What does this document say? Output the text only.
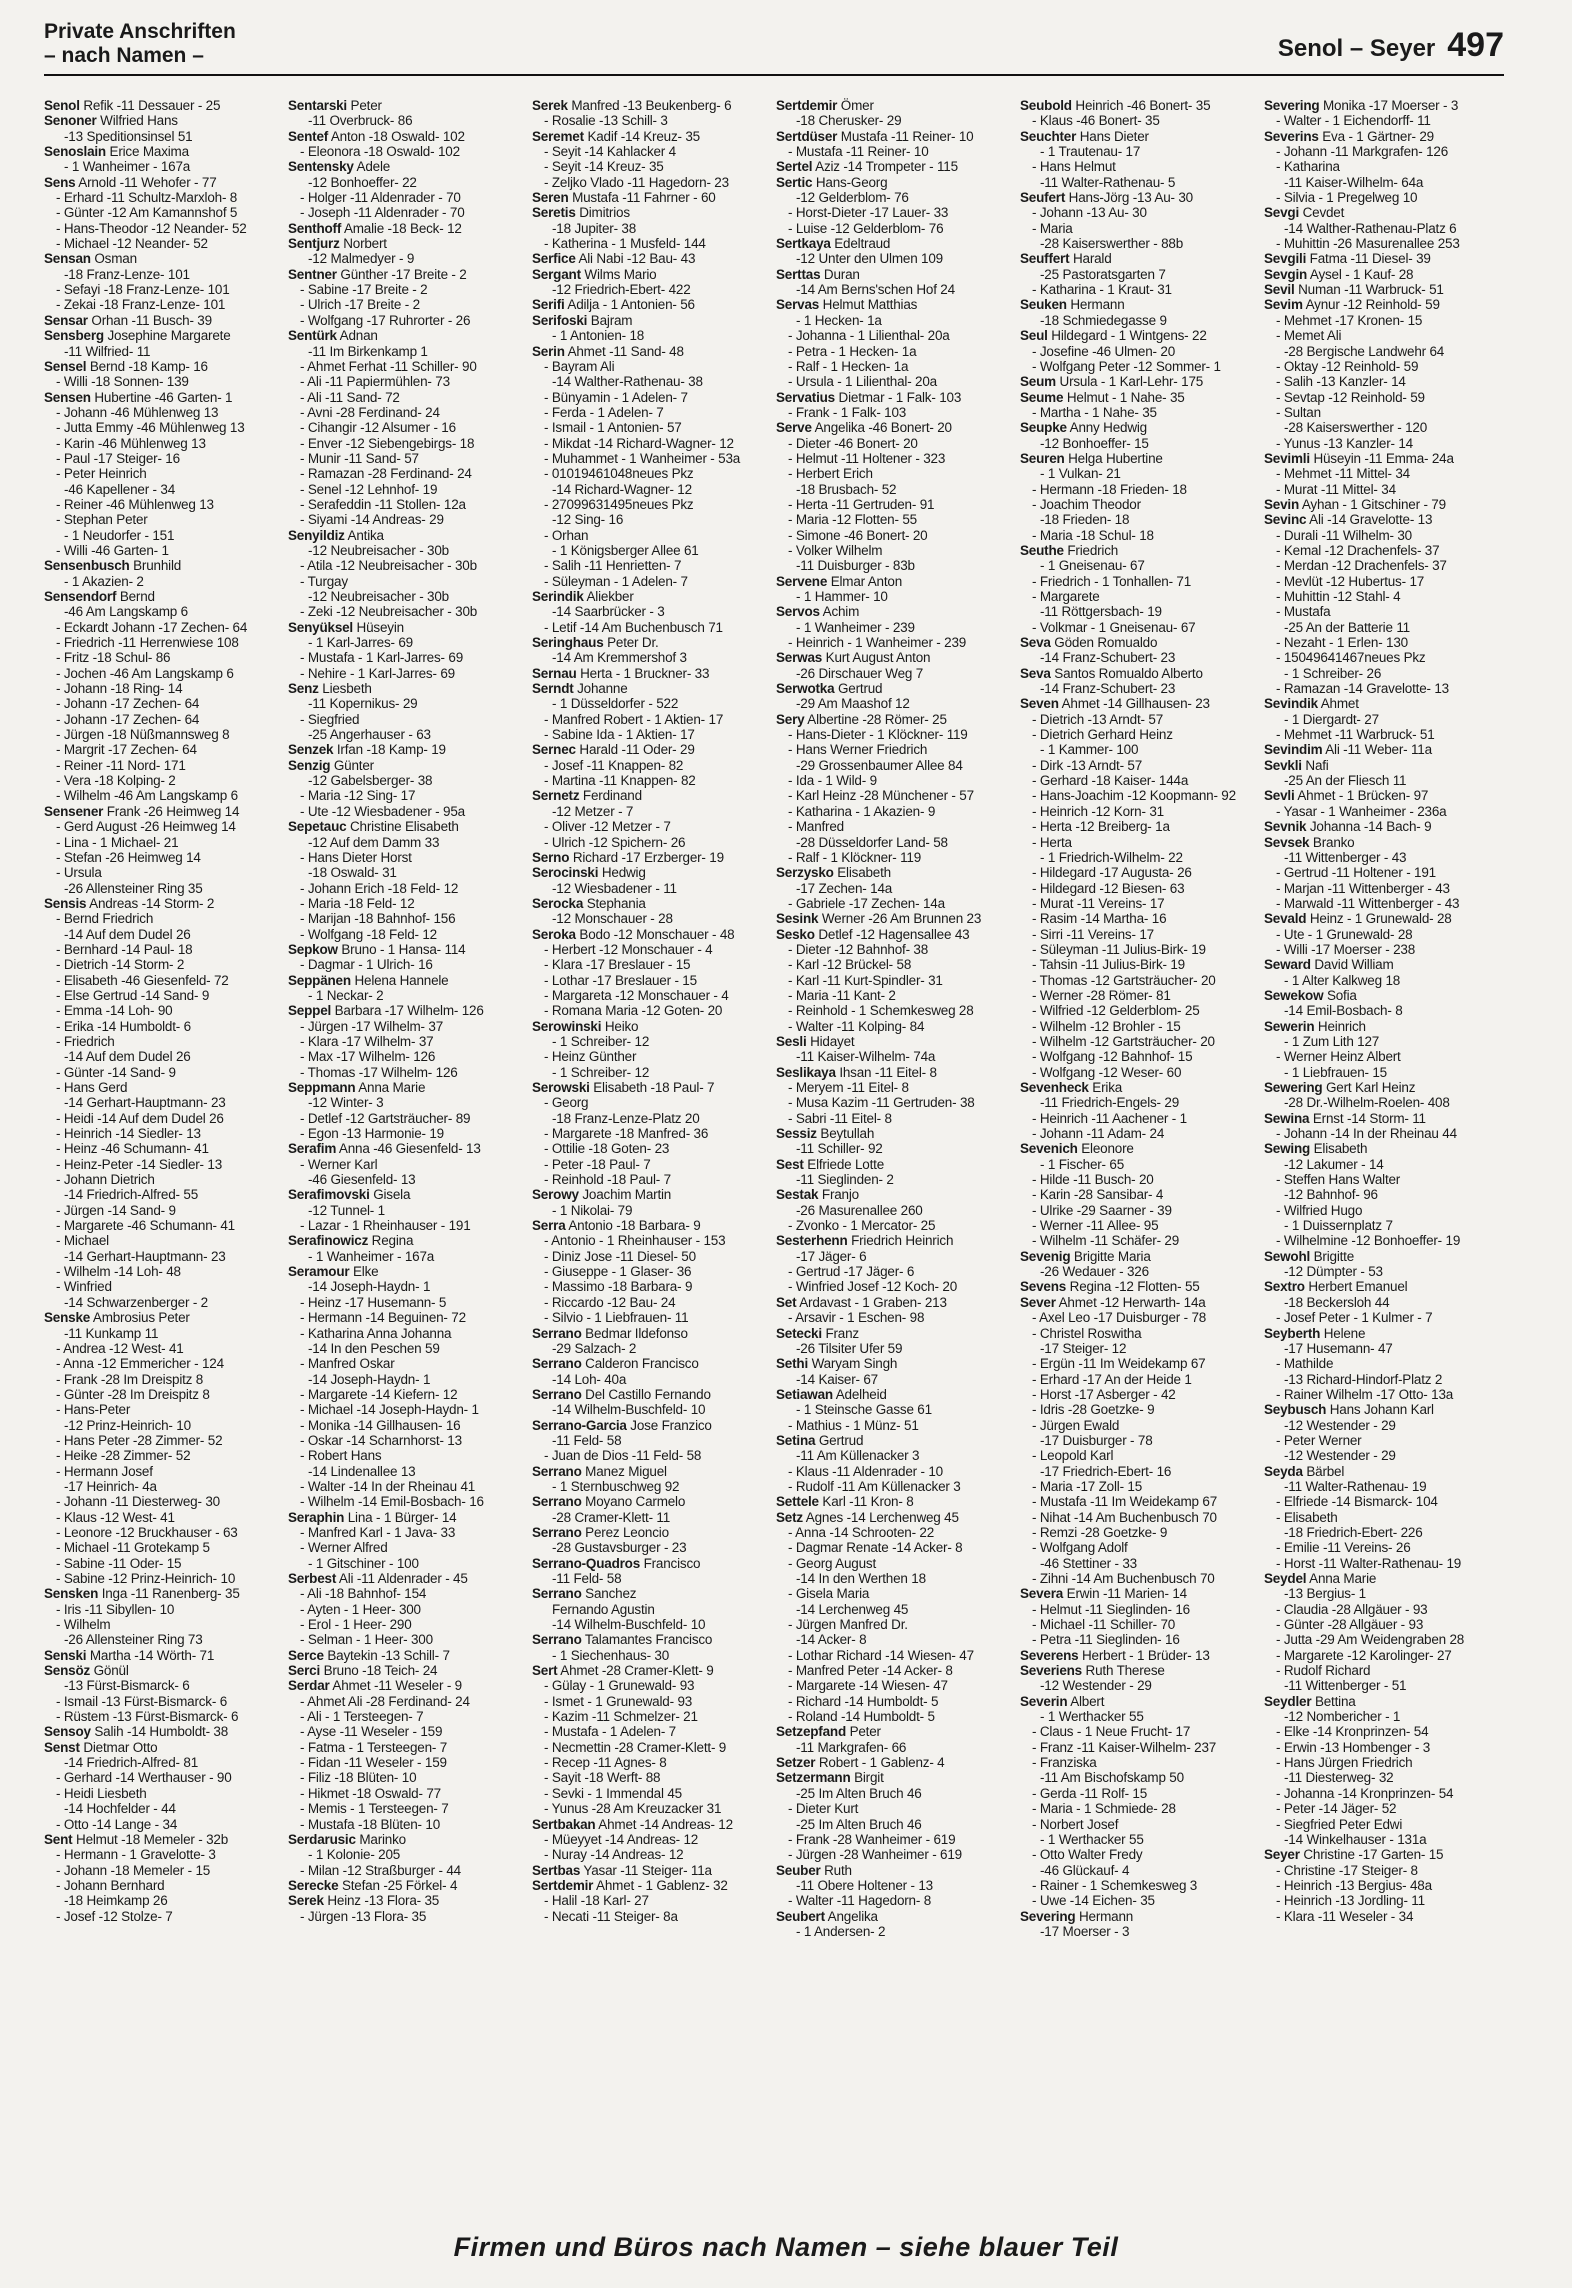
Private Anschriften
– nach Namen –	Senol – Seyer 497
Senol Refik -11 Dessauer - 25
Senoner Wilfried Hans
-13 Speditionsinsel 51
Senoslain Erice Maxima
- 1 Wanheimer - 167a
Sens Arnold -11 Wehofer - 77
- Erhard -11 Schultz-Marxloh- 8
- Günter -12 Am Kamannshof 5
- Hans-Theodor -12 Neander- 52
- Michael -12 Neander- 52
Sensan Osman
-18 Franz-Lenze- 101
- Sefayi -18 Franz-Lenze- 101
- Zekai -18 Franz-Lenze- 101
Sensar Orhan -11 Busch- 39
Sensberg Josephine Margarete
-11 Wilfried- 11
Sensel Bernd -18 Kamp- 16
- Willi -18 Sonnen- 139
Sensen Hubertine -46 Garten- 1
- Johann -46 Mühlenweg 13
- Jutta Emmy -46 Mühlenweg 13
- Karin -46 Mühlenweg 13
- Paul -17 Steiger- 16
- Peter Heinrich
-46 Kapellener - 34
- Reiner -46 Mühlenweg 13
- Stephan Peter
- 1 Neudorfer - 151
- Willi -46 Garten- 1
Sensenbusch Brunhild
- 1 Akazien- 2
Sensendorf Bernd
-46 Am Langskamp 6
- Eckardt Johann -17 Zechen- 64
- Friedrich -11 Herrenwiese 108
- Fritz -18 Schul- 86
- Jochen -46 Am Langskamp 6
- Johann -18 Ring- 14
- Johann -17 Zechen- 64
- Johann -17 Zechen- 64
- Jürgen -18 Nüßmannsweg 8
- Margrit -17 Zechen- 64
- Reiner -11 Nord- 171
- Vera -18 Kolping- 2
- Wilhelm -46 Am Langskamp 6
Sensener Frank -26 Heimweg 14
- Gerd August -26 Heimweg 14
- Lina - 1 Michael- 21
- Stefan -26 Heimweg 14
- Ursula
-26 Allensteiner Ring 35
Sensis Andreas -14 Storm- 2
- Bernd Friedrich
-14 Auf dem Dudel 26
- Bernhard -14 Paul- 18
- Dietrich -14 Storm- 2
- Elisabeth -46 Giesenfeld- 72
- Else Gertrud -14 Sand- 9
- Emma -14 Loh- 90
- Erika -14 Humboldt- 6
- Friedrich
-14 Auf dem Dudel 26
- Günter -14 Sand- 9
- Hans Gerd
-14 Gerhart-Hauptmann- 23
- Heidi -14 Auf dem Dudel 26
- Heinrich -14 Siedler- 13
- Heinz -46 Schumann- 41
- Heinz-Peter -14 Siedler- 13
- Johann Dietrich
-14 Friedrich-Alfred- 55
- Jürgen -14 Sand- 9
- Margarete -46 Schumann- 41
- Michael
-14 Gerhart-Hauptmann- 23
- Wilhelm -14 Loh- 48
- Winfried
-14 Schwarzenberger - 2
Senske Ambrosius Peter
-11 Kunkamp 11
- Andrea -12 West- 41
- Anna -12 Emmericher - 124
- Frank -28 Im Dreispitz 8
- Günter -28 Im Dreispitz 8
- Hans-Peter
-12 Prinz-Heinrich- 10
- Hans Peter -28 Zimmer- 52
- Heike -28 Zimmer- 52
- Hermann Josef
-17 Heinrich- 4a
- Johann -11 Diesterweg- 30
- Klaus -12 West- 41
- Leonore -12 Bruckhauser - 63
- Michael -11 Grotekamp 5
- Sabine -11 Oder- 15
- Sabine -12 Prinz-Heinrich- 10
Sensken Inga -11 Ranenberg- 35
- Iris -11 Sibyllen- 10
- Wilhelm
-26 Allensteiner Ring 73
Senski Martha -14 Wörth- 71
Sensöz Gönül
-13 Fürst-Bismarck- 6
- Ismail -13 Fürst-Bismarck- 6
- Rüstem -13 Fürst-Bismarck- 6
Sensoy Salih -14 Humboldt- 38
Senst Dietmar Otto
-14 Friedrich-Alfred- 81
- Gerhard -14 Werthauser - 90
- Heidi Liesbeth
-14 Hochfelder - 44
- Otto -14 Lange - 34
Sent Helmut -18 Memeler - 32b
- Hermann - 1 Gravelotte- 3
- Johann -18 Memeler - 15
- Johann Bernhard
-18 Heimkamp 26
- Josef -12 Stolze- 7
Sentarski Peter
-11 Overbruck- 86
Sentef Anton -18 Oswald- 102
- Eleonora -18 Oswald- 102
Sentensky Adele
-12 Bonhoeffer- 22
- Holger -11 Aldenrader - 70
- Joseph -11 Aldenrader - 70
Senthoff Amalie -18 Beck- 12
Sentjurz Norbert
-12 Malmedyer - 9
Sentner Günther -17 Breite - 2
- Sabine -17 Breite - 2
- Ulrich -17 Breite - 2
- Wolfgang -17 Ruhrorter - 26
Sentürk Adnan
-11 Im Birkenkamp 1
- Ahmet Ferhat -11 Schiller- 90
- Ali -11 Papiermühlen- 73
- Ali -11 Sand- 72
- Avni -28 Ferdinand- 24
- Cihangir -12 Alsumer - 16
- Enver -12 Siebengebirgs- 18
- Munir -11 Sand- 57
- Ramazan -28 Ferdinand- 24
- Senel -12 Lehnhof- 19
- Serafeddin -11 Stollen- 12a
- Siyami -14 Andreas- 29
Senyildiz Antika
-12 Neubreisacher - 30b
- Atila -12 Neubreisacher - 30b
- Turgay
-12 Neubreisacher - 30b
- Zeki -12 Neubreisacher - 30b
Senyüksel Hüseyin
- 1 Karl-Jarres- 69
- Mustafa - 1 Karl-Jarres- 69
- Nehire - 1 Karl-Jarres- 69
Senz Liesbeth
-11 Kopernikus- 29
- Siegfried
-25 Angerhauser - 63
Senzek Irfan -18 Kamp- 19
Senzig Günter
-12 Gabelsberger- 38
- Maria -12 Sing- 17
- Ute -12 Wiesbadener - 95a
Sepetauc Christine Elisabeth
-12 Auf dem Damm 33
- Hans Dieter Horst
-18 Oswald- 31
- Johann Erich -18 Feld- 12
- Maria -18 Feld- 12
- Marijan -18 Bahnhof- 156
- Wolfgang -18 Feld- 12
Sepkow Bruno - 1 Hansa- 114
- Dagmar - 1 Ulrich- 16
Seppänen Helena Hannele
- 1 Neckar- 2
Seppel Barbara -17 Wilhelm- 126
- Jürgen -17 Wilhelm- 37
- Klara -17 Wilhelm- 37
- Max -17 Wilhelm- 126
- Thomas -17 Wilhelm- 126
Seppmann Anna Marie
-12 Winter- 3
- Detlef -12 Gartsträucher- 89
- Egon -13 Harmonie- 19
Serafim Anna -46 Giesenfeld- 13
- Werner Karl
-46 Giesenfeld- 13
Serafimovski Gisela
-12 Tunnel- 1
- Lazar - 1 Rheinhauser - 191
Serafinowicz Regina
- 1 Wanheimer - 167a
Seramour Elke
-14 Joseph-Haydn- 1
- Heinz -17 Husemann- 5
- Hermann -14 Beguinen- 72
- Katharina Anna Johanna
-14 In den Peschen 59
- Manfred Oskar
-14 Joseph-Haydn- 1
- Margarete -14 Kiefern- 12
- Michael -14 Joseph-Haydn- 1
- Monika -14 Gillhausen- 16
- Oskar -14 Scharnhorst- 13
- Robert Hans
-14 Lindenallee 13
- Walter -14 In der Rheinau 41
- Wilhelm -14 Emil-Bosbach- 16
Seraphin Lina - 1 Bürger- 14
- Manfred Karl - 1 Java- 33
- Werner Alfred
- 1 Gitschiner - 100
Serbest Ali -11 Aldenrader - 45
- Ali -18 Bahnhof- 154
- Ayten - 1 Heer- 300
- Erol - 1 Heer- 290
- Selman - 1 Heer- 300
Serce Baytekin -13 Schill- 7
Serci Bruno -18 Teich- 24
Serdar Ahmet -11 Weseler - 9
- Ahmet Ali -28 Ferdinand- 24
- Ali - 1 Tersteegen- 7
- Ayse -11 Weseler - 159
- Fatma - 1 Tersteegen- 7
- Fidan -11 Weseler - 159
- Filiz -18 Blüten- 10
- Hikmet -18 Oswald- 77
- Memis - 1 Tersteegen- 7
- Mustafa -18 Blüten- 10
Serdarusic Marinko
- 1 Kolonie- 205
- Milan -12 Straßburger - 44
Serecke Stefan -25 Förkel- 4
Serek Heinz -13 Flora- 35
- Jürgen -13 Flora- 35
Serek Manfred -13 Beukenberg- 6
- Rosalie -13 Schill- 3
Seremet Kadif -14 Kreuz- 35
- Seyit -14 Kahlacker 4
- Seyit -14 Kreuz- 35
- Zeljko Vlado -11 Hagedorn- 23
Seren Mustafa -11 Fahrner - 60
Seretis Dimitrios
-18 Jupiter- 38
- Katherina - 1 Musfeld- 144
Serfice Ali Nabi -12 Bau- 43
Sergant Wilms Mario
-12 Friedrich-Ebert- 422
Serifi Adilja - 1 Antonien- 56
Serifoski Bajram
- 1 Antonien- 18
Serin Ahmet -11 Sand- 48
- Bayram Ali
-14 Walther-Rathenau- 38
- Bünyamin - 1 Adelen- 7
- Ferda - 1 Adelen- 7
- Ismail - 1 Antonien- 57
- Mikdat -14 Richard-Wagner- 12
- Muhammet - 1 Wanheimer - 53a
- 01019461048neues Pkz
-14 Richard-Wagner- 12
- 27099631495neues Pkz
-12 Sing- 16
- Orhan
- 1 Königsberger Allee 61
- Salih -11 Henrietten- 7
- Süleyman - 1 Adelen- 7
Serindik Aliekber
-14 Saarbrücker - 3
- Letif -14 Am Buchenbusch 71
Seringhaus Peter Dr.
-14 Am Kremmershof 3
Sernau Herta - 1 Bruckner- 33
Serndt Johanne
- 1 Düsseldorfer - 522
- Manfred Robert - 1 Aktien- 17
- Sabine Ida - 1 Aktien- 17
Sernec Harald -11 Oder- 29
- Josef -11 Knappen- 82
- Martina -11 Knappen- 82
Sernetz Ferdinand
-12 Metzer - 7
- Oliver -12 Metzer - 7
- Ulrich -12 Spichern- 26
Serno Richard -17 Erzberger- 19
Serocinski Hedwig
-12 Wiesbadener - 11
Serocka Stephania
-12 Monschauer - 28
Seroka Bodo -12 Monschauer - 48
- Herbert -12 Monschauer - 4
- Klara -17 Breslauer - 15
- Lothar -17 Breslauer - 15
- Margareta -12 Monschauer - 4
- Romana Maria -12 Goten- 20
Serowinski Heiko
- 1 Schreiber- 12
- Heinz Günther
- 1 Schreiber- 12
Serowski Elisabeth -18 Paul- 7
- Georg
-18 Franz-Lenze-Platz 20
- Margarete -18 Manfred- 36
- Ottilie -18 Goten- 23
- Peter -18 Paul- 7
- Reinhold -18 Paul- 7
Serowy Joachim Martin
- 1 Nikolai- 79
Serra Antonio -18 Barbara- 9
- Antonio - 1 Rheinhauser - 153
- Diniz Jose -11 Diesel- 50
- Giuseppe - 1 Glaser- 36
- Massimo -18 Barbara- 9
- Riccardo -12 Bau- 24
- Silvio - 1 Liebfrauen- 11
Serrano Bedmar Ildefonso
-29 Salzach- 2
Serrano Calderon Francisco
-14 Loh- 40a
Serrano Del Castillo Fernando
-14 Wilhelm-Buschfeld- 10
Serrano-Garcia Jose Franzico
-11 Feld- 58
- Juan de Dios -11 Feld- 58
Serrano Manez Miguel
- 1 Sternbuschweg 92
Serrano Moyano Carmelo
-28 Cramer-Klett- 11
Serrano Perez Leoncio
-28 Gustavsburger - 23
Serrano-Quadros Francisco
-11 Feld- 58
Serrano Sanchez
Fernando Agustin
-14 Wilhelm-Buschfeld- 10
Serrano Talamantes Francisco
- 1 Siechenhaus- 30
Sert Ahmet -28 Cramer-Klett- 9
- Gülay - 1 Grunewald- 93
- Ismet - 1 Grunewald- 93
- Kazim -11 Schmelzer- 21
- Mustafa - 1 Adelen- 7
- Necmettin -28 Cramer-Klett- 9
- Recep -11 Agnes- 8
- Sayit -18 Werft- 88
- Sevki - 1 Immendal 45
- Yunus -28 Am Kreuzacker 31
Sertbakan Ahmet -14 Andreas- 12
- Müeyyet -14 Andreas- 12
- Nuray -14 Andreas- 12
Sertbas Yasar -11 Steiger- 11a
Sertdemir Ahmet - 1 Gablenz- 32
- Halil -18 Karl- 27
- Necati -11 Steiger- 8a
Sertdemir Ömer
-18 Cherusker- 29
Sertdüser Mustafa -11 Reiner- 10
- Mustafa -11 Reiner- 10
Sertel Aziz -14 Trompeter - 115
Sertic Hans-Georg
-12 Gelderblom- 76
- Horst-Dieter -17 Lauer- 33
- Luise -12 Gelderblom- 76
Sertkaya Edeltraud
-12 Unter den Ulmen 109
Serttas Duran
-14 Am Berns'schen Hof 24
Servas Helmut Matthias
- 1 Hecken- 1a
- Johanna - 1 Lilienthal- 20a
- Petra - 1 Hecken- 1a
- Ralf - 1 Hecken- 1a
- Ursula - 1 Lilienthal- 20a
Servatius Dietmar - 1 Falk- 103
- Frank - 1 Falk- 103
Serve Angelika -46 Bonert- 20
- Dieter -46 Bonert- 20
- Helmut -11 Holtener - 323
- Herbert Erich
-18 Brusbach- 52
- Herta -11 Gertruden- 91
- Maria -12 Flotten- 55
- Simone -46 Bonert- 20
- Volker Wilhelm
-11 Duisburger - 83b
Servene Elmar Anton
- 1 Hammer- 10
Servos Achim
- 1 Wanheimer - 239
- Heinrich - 1 Wanheimer - 239
Serwas Kurt August Anton
-26 Dirschauer Weg 7
Serwotka Gertrud
-29 Am Maashof 12
Sery Albertine -28 Römer- 25
- Hans-Dieter - 1 Klöckner- 119
- Hans Werner Friedrich
-29 Grossenbaumer Allee 84
- Ida - 1 Wild- 9
- Karl Heinz -28 Münchener - 57
- Katharina - 1 Akazien- 9
- Manfred
-28 Düsseldorfer Land- 58
- Ralf - 1 Klöckner- 119
Serzysko Elisabeth
-17 Zechen- 14a
- Gabriele -17 Zechen- 14a
Sesink Werner -26 Am Brunnen 23
Sesko Detlef -12 Hagensallee 43
- Dieter -12 Bahnhof- 38
- Karl -12 Brückel- 58
- Karl -11 Kurt-Spindler- 31
- Maria -11 Kant- 2
- Reinhold - 1 Schemkesweg 28
- Walter -11 Kolping- 84
Sesli Hidayet
-11 Kaiser-Wilhelm- 74a
Seslikaya Ihsan -11 Eitel- 8
- Meryem -11 Eitel- 8
- Musa Kazim -11 Gertruden- 38
- Sabri -11 Eitel- 8
Sessiz Beytullah
-11 Schiller- 92
Sest Elfriede Lotte
-11 Sieglinden- 2
Sestak Franjo
-26 Masurenallee 260
- Zvonko - 1 Mercator- 25
Sesterhenn Friedrich Heinrich
-17 Jäger- 6
- Gertrud -17 Jäger- 6
- Winfried Josef -12 Koch- 20
Set Ardavast - 1 Graben- 213
- Arsavir - 1 Eschen- 98
Setecki Franz
-26 Tilsiter Ufer 59
Sethi Waryam Singh
-14 Kaiser- 67
Setiawan Adelheid
- 1 Steinsche Gasse 61
- Mathius - 1 Münz- 51
Setina Gertrud
-11 Am Küllenacker 3
- Klaus -11 Aldenrader - 10
- Rudolf -11 Am Küllenacker 3
Settele Karl -11 Kron- 8
Setz Agnes -14 Lerchenweg 45
- Anna -14 Schrooten- 22
- Dagmar Renate -14 Acker- 8
- Georg August
-14 In den Werthen 18
- Gisela Maria
-14 Lerchenweg 45
- Jürgen Manfred Dr.
-14 Acker- 8
- Lothar Richard -14 Wiesen- 47
- Manfred Peter -14 Acker- 8
- Margarete -14 Wiesen- 47
- Richard -14 Humboldt- 5
- Roland -14 Humboldt- 5
Setzepfand Peter
-11 Markgrafen- 66
Setzer Robert - 1 Gablenz- 4
Setzermann Birgit
-25 Im Alten Bruch 46
- Dieter Kurt
-25 Im Alten Bruch 46
- Frank -28 Wanheimer - 619
- Jürgen -28 Wanheimer - 619
Seuber Ruth
-11 Obere Holtener - 13
- Walter -11 Hagedorn- 8
Seubert Angelika
- 1 Andersen- 2
Seubold Heinrich -46 Bonert- 35
- Klaus -46 Bonert- 35
Seuchter Hans Dieter
- 1 Trautenau- 17
- Hans Helmut
-11 Walter-Rathenau- 5
Seufert Hans-Jörg -13 Au- 30
- Johann -13 Au- 30
- Maria
-28 Kaiserswerther - 88b
Seuffert Harald
-25 Pastoratsgarten 7
- Katharina - 1 Kraut- 31
Seuken Hermann
-18 Schmiedegasse 9
Seul Hildegard - 1 Wintgens- 22
- Josefine -46 Ulmen- 20
- Wolfgang Peter -12 Sommer- 1
Seum Ursula - 1 Karl-Lehr- 175
Seume Helmut - 1 Nahe- 35
- Martha - 1 Nahe- 35
Seupke Anny Hedwig
-12 Bonhoeffer- 15
Seuren Helga Hubertine
- 1 Vulkan- 21
- Hermann -18 Frieden- 18
- Joachim Theodor
-18 Frieden- 18
- Maria -18 Schul- 18
Seuthe Friedrich
- 1 Gneisenau- 67
- Friedrich - 1 Tonhallen- 71
- Margarete
-11 Röttgersbach- 19
- Volkmar - 1 Gneisenau- 67
Seva Göden Romualdo
-14 Franz-Schubert- 23
Seva Santos Romualdo Alberto
-14 Franz-Schubert- 23
Seven Ahmet -14 Gillhausen- 23
- Dietrich -13 Arndt- 57
- Dietrich Gerhard Heinz
- 1 Kammer- 100
- Dirk -13 Arndt- 57
- Gerhard -18 Kaiser- 144a
- Hans-Joachim -12 Koopmann- 92
- Heinrich -12 Korn- 31
- Herta -12 Breiberg- 1a
- Herta
- 1 Friedrich-Wilhelm- 22
- Hildegard -17 Augusta- 26
- Hildegard -12 Biesen- 63
- Murat -11 Vereins- 17
- Rasim -14 Martha- 16
- Sirri -11 Vereins- 17
- Süleyman -11 Julius-Birk- 19
- Tahsin -11 Julius-Birk- 19
- Thomas -12 Gartsträucher- 20
- Werner -28 Römer- 81
- Wilfried -12 Gelderblom- 25
- Wilhelm -12 Brohler - 15
- Wilhelm -12 Gartsträucher- 20
- Wolfgang -12 Bahnhof- 15
- Wolfgang -12 Weser- 60
Sevenheck Erika
-11 Friedrich-Engels- 29
- Heinrich -11 Aachener - 1
- Johann -11 Adam- 24
Sevenich Eleonore
- 1 Fischer- 65
- Hilde -11 Busch- 20
- Karin -28 Sansibar- 4
- Ulrike -29 Saarner - 39
- Werner -11 Allee- 95
- Wilhelm -11 Schäfer- 29
Sevenig Brigitte Maria
-26 Wedauer - 326
Sevens Regina -12 Flotten- 55
Sever Ahmet -12 Herwarth- 14a
- Axel Leo -17 Duisburger - 78
- Christel Roswitha
-17 Steiger- 12
- Ergün -11 Im Weidekamp 67
- Erhard -17 An der Heide 1
- Horst -17 Asberger - 42
- Idris -28 Goetzke- 9
- Jürgen Ewald
-17 Duisburger - 78
- Leopold Karl
-17 Friedrich-Ebert- 16
- Maria -17 Zoll- 15
- Mustafa -11 Im Weidekamp 67
- Nihat -14 Am Buchenbusch 70
- Remzi -28 Goetzke- 9
- Wolfgang Adolf
-46 Stettiner - 33
- Zihni -14 Am Buchenbusch 70
Severa Erwin -11 Marien- 14
- Helmut -11 Sieglinden- 16
- Michael -11 Schiller- 70
- Petra -11 Sieglinden- 16
Severens Herbert - 1 Brüder- 13
Severiens Ruth Therese
-12 Westender - 29
Severin Albert
- 1 Werthacker 55
- Claus - 1 Neue Frucht- 17
- Franz -11 Kaiser-Wilhelm- 237
- Franziska
-11 Am Bischofskamp 50
- Gerda -11 Rolf- 15
- Maria - 1 Schmiede- 28
- Norbert Josef
- 1 Werthacker 55
- Otto Walter Fredy
-46 Glückauf- 4
- Rainer - 1 Schemkesweg 3
- Uwe -14 Eichen- 35
Severing Hermann
-17 Moerser - 3
Severing Monika -17 Moerser - 3
- Walter - 1 Eichendorff- 11
Severins Eva - 1 Gärtner- 29
- Johann -11 Markgrafen- 126
- Katharina
-11 Kaiser-Wilhelm- 64a
- Silvia - 1 Pregelweg 10
Sevgi Cevdet
-14 Walther-Rathenau-Platz 6
- Muhittin -26 Masurenallee 253
Sevgili Fatma -11 Diesel- 39
Sevgin Aysel - 1 Kauf- 28
Sevil Numan -11 Warbruck- 51
Sevim Aynur -12 Reinhold- 59
- Mehmet -17 Kronen- 15
- Memet Ali
-28 Bergische Landwehr 64
- Oktay -12 Reinhold- 59
- Salih -13 Kanzler- 14
- Sevtap -12 Reinhold- 59
- Sultan
-28 Kaiserswerther - 120
- Yunus -13 Kanzler- 14
Sevimli Hüseyin -11 Emma- 24a
- Mehmet -11 Mittel- 34
- Murat -11 Mittel- 34
Sevin Ayhan - 1 Gitschiner - 79
Sevinc Ali -14 Gravelotte- 13
- Durali -11 Wilhelm- 30
- Kemal -12 Drachenfels- 37
- Merdan -12 Drachenfels- 37
- Mevlüt -12 Hubertus- 17
- Muhittin -12 Stahl- 4
- Mustafa
-25 An der Batterie 11
- Nezaht - 1 Erlen- 130
- 15049641467neues Pkz
- 1 Schreiber- 26
- Ramazan -14 Gravelotte- 13
Sevindik Ahmet
- 1 Diergardt- 27
- Mehmet -11 Warbruck- 51
Sevindim Ali -11 Weber- 11a
Sevkli Nafi
-25 An der Fliesch 11
Sevli Ahmet - 1 Brücken- 97
- Yasar - 1 Wanheimer - 236a
Sevnik Johanna -14 Bach- 9
Sevsek Branko
-11 Wittenberger - 43
- Gertrud -11 Holtener - 191
- Marjan -11 Wittenberger - 43
- Marwald -11 Wittenberger - 43
Sevald Heinz - 1 Grunewald- 28
- Ute - 1 Grunewald- 28
- Willi -17 Moerser - 238
Seward David William
- 1 Alter Kalkweg 18
Sewekow Sofia
-14 Emil-Bosbach- 8
Sewerin Heinrich
- 1 Zum Lith 127
- Werner Heinz Albert
- 1 Liebfrauen- 15
Sewering Gert Karl Heinz
-28 Dr.-Wilhelm-Roelen- 408
Sewina Ernst -14 Storm- 11
- Johann -14 In der Rheinau 44
Sewing Elisabeth
-12 Lakumer - 14
- Steffen Hans Walter
-12 Bahnhof- 96
- Wilfried Hugo
- 1 Duissernplatz 7
- Wilhelmine -12 Bonhoeffer- 19
Sewohl Brigitte
-12 Dümpter - 53
Sextro Herbert Emanuel
-18 Beckersloh 44
- Josef Peter - 1 Kulmer - 7
Seyberth Helene
-17 Husemann- 47
- Mathilde
-13 Richard-Hindorf-Platz 2
- Rainer Wilhelm -17 Otto- 13a
Seybusch Hans Johann Karl
-12 Westender - 29
- Peter Werner
-12 Westender - 29
Seyda Bärbel
-11 Walter-Rathenau- 19
- Elfriede -14 Bismarck- 104
- Elisabeth
-18 Friedrich-Ebert- 226
- Emilie -11 Vereins- 26
- Horst -11 Walter-Rathenau- 19
Seydel Anna Marie
-13 Bergius- 1
- Claudia -28 Allgäuer - 93
- Günter -28 Allgäuer - 93
- Jutta -29 Am Weidengraben 28
- Margarete -12 Karolinger- 27
- Rudolf Richard
-11 Wittenberger - 51
Seydler Bettina
-12 Nombericher - 1
- Elke -14 Kronprinzen- 54
- Erwin -13 Hombenger - 3
- Hans Jürgen Friedrich
-11 Diesterweg- 32
- Johanna -14 Kronprinzen- 54
- Peter -14 Jäger- 52
- Siegfried Peter Edwi
-14 Winkelhauser - 131a
Seyer Christine -17 Garten- 15
- Christine -17 Steiger- 8
- Heinrich -13 Bergius- 48a
- Heinrich -13 Jordling- 11
- Klara -11 Weseler - 34
Firmen und Büros nach Namen – siehe blauer Teil
